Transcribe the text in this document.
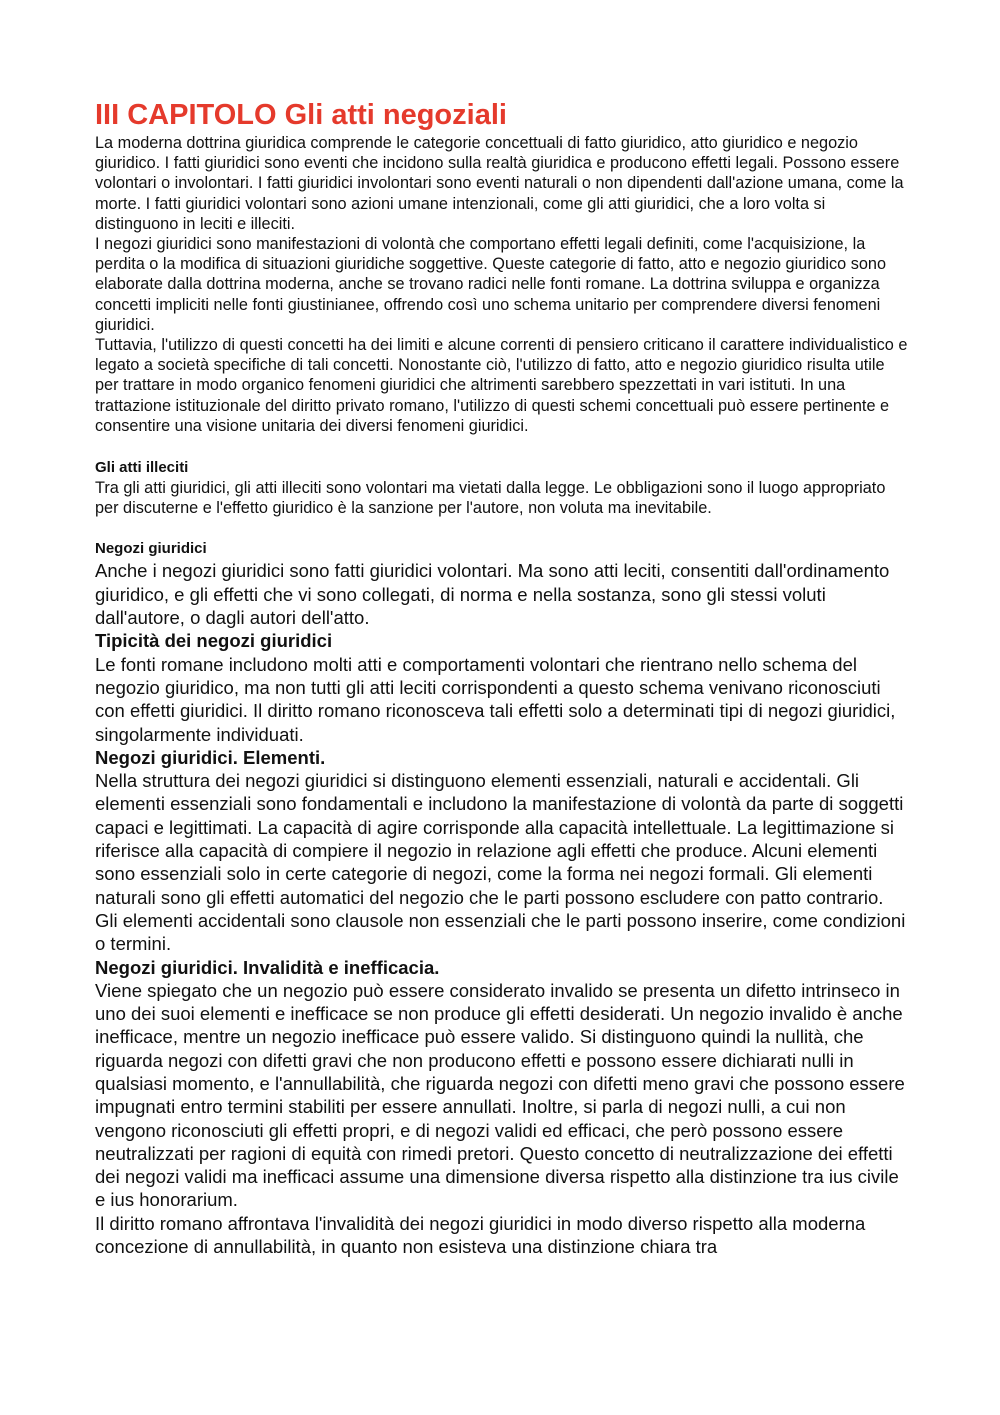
III CAPITOLO Gli atti negoziali

La moderna dottrina giuridica comprende le categorie concettuali di fatto giuridico, atto giuridico e negozio giuridico. I fatti giuridici sono eventi che incidono sulla realtà giuridica e producono effetti legali. Possono essere volontari o involontari. I fatti giuridici involontari sono eventi naturali o non dipendenti dall'azione umana, come la morte. I fatti giuridici volontari sono azioni umane intenzionali, come gli atti giuridici, che a loro volta si distinguono in leciti e illeciti.

I negozi giuridici sono manifestazioni di volontà che comportano effetti legali definiti, come l'acquisizione, la perdita o la modifica di situazioni giuridiche soggettive. Queste categorie di fatto, atto e negozio giuridico sono elaborate dalla dottrina moderna, anche se trovano radici nelle fonti romane. La dottrina sviluppa e organizza concetti impliciti nelle fonti giustinianee, offrendo così uno schema unitario per comprendere diversi fenomeni giuridici.

Tuttavia, l'utilizzo di questi concetti ha dei limiti e alcune correnti di pensiero criticano il carattere individualistico e legato a società specifiche di tali concetti. Nonostante ciò, l'utilizzo di fatto, atto e negozio giuridico risulta utile per trattare in modo organico fenomeni giuridici che altrimenti sarebbero spezzettati in vari istituti. In una trattazione istituzionale del diritto privato romano, l'utilizzo di questi schemi concettuali può essere pertinente e consentire una visione unitaria dei diversi fenomeni giuridici.

Gli atti illeciti

Tra gli atti giuridici, gli atti illeciti sono volontari ma vietati dalla legge. Le obbligazioni sono il luogo appropriato per discuterne e l'effetto giuridico è la sanzione per l'autore, non voluta ma inevitabile.

Negozi giuridici

Anche i negozi giuridici sono fatti giuridici volontari. Ma sono atti leciti, consentiti dall'ordinamento giuridico, e gli effetti che vi sono collegati, di norma e nella sostanza, sono gli stessi voluti dall'autore, o dagli autori dell'atto.

Tipicità dei negozi giuridici

Le fonti romane includono molti atti e comportamenti volontari che rientrano nello schema del negozio giuridico, ma non tutti gli atti leciti corrispondenti a questo schema venivano riconosciuti con effetti giuridici. Il diritto romano riconosceva tali effetti solo a determinati tipi di negozi giuridici, singolarmente individuati.

Negozi giuridici. Elementi.

Nella struttura dei negozi giuridici si distinguono elementi essenziali, naturali e accidentali. Gli elementi essenziali sono fondamentali e includono la manifestazione di volontà da parte di soggetti capaci e legittimati. La capacità di agire corrisponde alla capacità intellettuale. La legittimazione si riferisce alla capacità di compiere il negozio in relazione agli effetti che produce. Alcuni elementi sono essenziali solo in certe categorie di negozi, come la forma nei negozi formali. Gli elementi naturali sono gli effetti automatici del negozio che le parti possono escludere con patto contrario. Gli elementi accidentali sono clausole non essenziali che le parti possono inserire, come condizioni o termini.

Negozi giuridici. Invalidità e inefficacia.

Viene spiegato che un negozio può essere considerato invalido se presenta un difetto intrinseco in uno dei suoi elementi e inefficace se non produce gli effetti desiderati. Un negozio invalido è anche inefficace, mentre un negozio inefficace può essere valido. Si distinguono quindi la nullità, che riguarda negozi con difetti gravi che non producono effetti e possono essere dichiarati nulli in qualsiasi momento, e l'annullabilità, che riguarda negozi con difetti meno gravi che possono essere impugnati entro termini stabiliti per essere annullati. Inoltre, si parla di negozi nulli, a cui non vengono riconosciuti gli effetti propri, e di negozi validi ed efficaci, che però possono essere neutralizzati per ragioni di equità con rimedi pretori. Questo concetto di neutralizzazione dei effetti dei negozi validi ma inefficaci assume una dimensione diversa rispetto alla distinzione tra ius civile e ius honorarium.

Il diritto romano affrontava l'invalidità dei negozi giuridici in modo diverso rispetto alla moderna concezione di annullabilità, in quanto non esisteva una distinzione chiara tra
